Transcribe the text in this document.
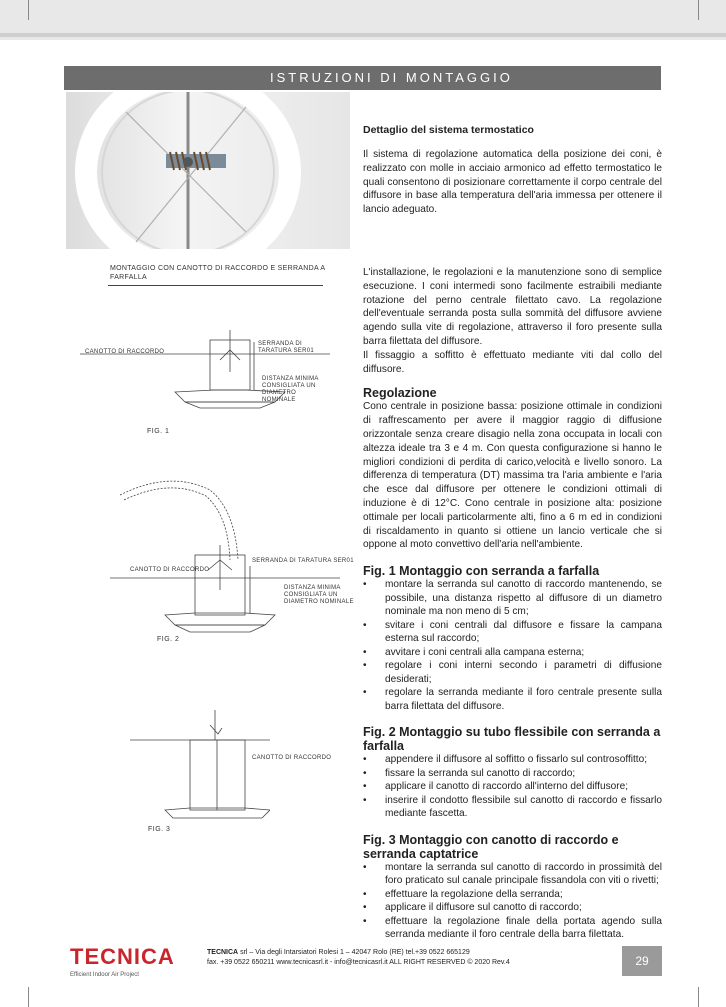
ISTRUZIONI DI MONTAGGIO

Dettaglio del sistema termostatico

Il sistema di regolazione automatica della posizione dei coni, è realizzato con molle in acciaio armonico ad effetto termostatico le quali consentono di posizionare correttamente il corpo centrale del diffusore in base alla temperatura dell'aria immessa per ottenere il lancio adeguato.

L'installazione, le regolazioni e la manutenzione sono di semplice esecuzione. I coni intermedi sono facilmente estraibili mediante rotazione del perno centrale filettato cavo. La regolazione dell'eventuale serranda posta sulla sommità del diffusore avviene agendo sulla vite di regolazione, attraverso il foro presente sulla barra filettata del diffusore.

Il fissaggio a soffitto è effettuato mediante viti dal collo del diffusore.

Regolazione

Cono centrale in posizione bassa: posizione ottimale in condizioni di raffrescamento per avere il maggior raggio di diffusione orizzontale senza creare disagio nella zona occupata in locali con altezza ideale tra 3 e 4 m. Con questa configurazione si hanno le migliori condizioni di perdita di carico,velocità e livello sonoro. La differenza di temperatura (DT) massima tra l'aria ambiente e l'aria che esce dal diffusore per ottenere le condizioni ottimali di induzione è di 12°C. Cono centrale in posizione alta: posizione ottimale per locali particolarmente alti, fino a 6 m ed in condizioni di riscaldamento in quanto si ottiene un lancio verticale che si oppone al moto convettivo dell'aria nell'ambiente.

Fig. 1 Montaggio con serranda a farfalla

• montare la serranda sul canotto di raccordo mantenendo, se possibile, una distanza rispetto al diffusore di un diametro nominale ma non meno di 5 cm;
• svitare i coni centrali dal diffusore e fissare la campana esterna sul raccordo;
• avvitare i coni centrali alla campana esterna;
• regolare i coni interni secondo i parametri di diffusione desiderati;
• regolare la serranda mediante il foro centrale presente sulla barra filettata del diffusore.

Fig. 2 Montaggio su tubo flessibile con serranda a farfalla

• appendere il diffusore al soffitto o fissarlo sul controsoffitto;
• fissare la serranda sul canotto di raccordo;
• applicare il canotto di raccordo all'interno del diffusore;
• inserire il condotto flessibile sul canotto di raccordo e fissarlo mediante fascetta.

Fig. 3 Montaggio con canotto di raccordo e serranda captatrice

• montare la serranda sul canotto di raccordo in prossimità del foro praticato sul canale principale fissandola con viti o rivetti;
• effettuare la regolazione della serranda;
• applicare il diffusore sul canotto di raccordo;
• effettuare la regolazione finale della portata agendo sulla serranda mediante il foro centrale della barra filettata.
MONTAGGIO CON CANOTTO DI RACCORDO E SERRANDA A FARFALLA
CANOTTO DI RACCORDO
SERRANDA DI TARATURA SER01
DISTANZA MINIMA CONSIGLIATA UN DIAMETRO NOMINALE
FIG. 1
SERRANDA DI TARATURA SER01
CANOTTO DI RACCORDO
DISTANZA MINIMA CONSIGLIATA UN DIAMETRO NOMINALE
FIG. 2
CANOTTO DI RACCORDO
FIG. 3
TECNICA
Efficient Indoor Air Project
TECNICA srl – Via degli Intarsiatori Rolesi 1 – 42047 Rolo (RE) tel.+39 0522 665129
fax. +39 0522 650211 www.tecnicasrl.it - info@tecnicasrl.it ALL RIGHT RESERVED © 2020 Rev.4	29
